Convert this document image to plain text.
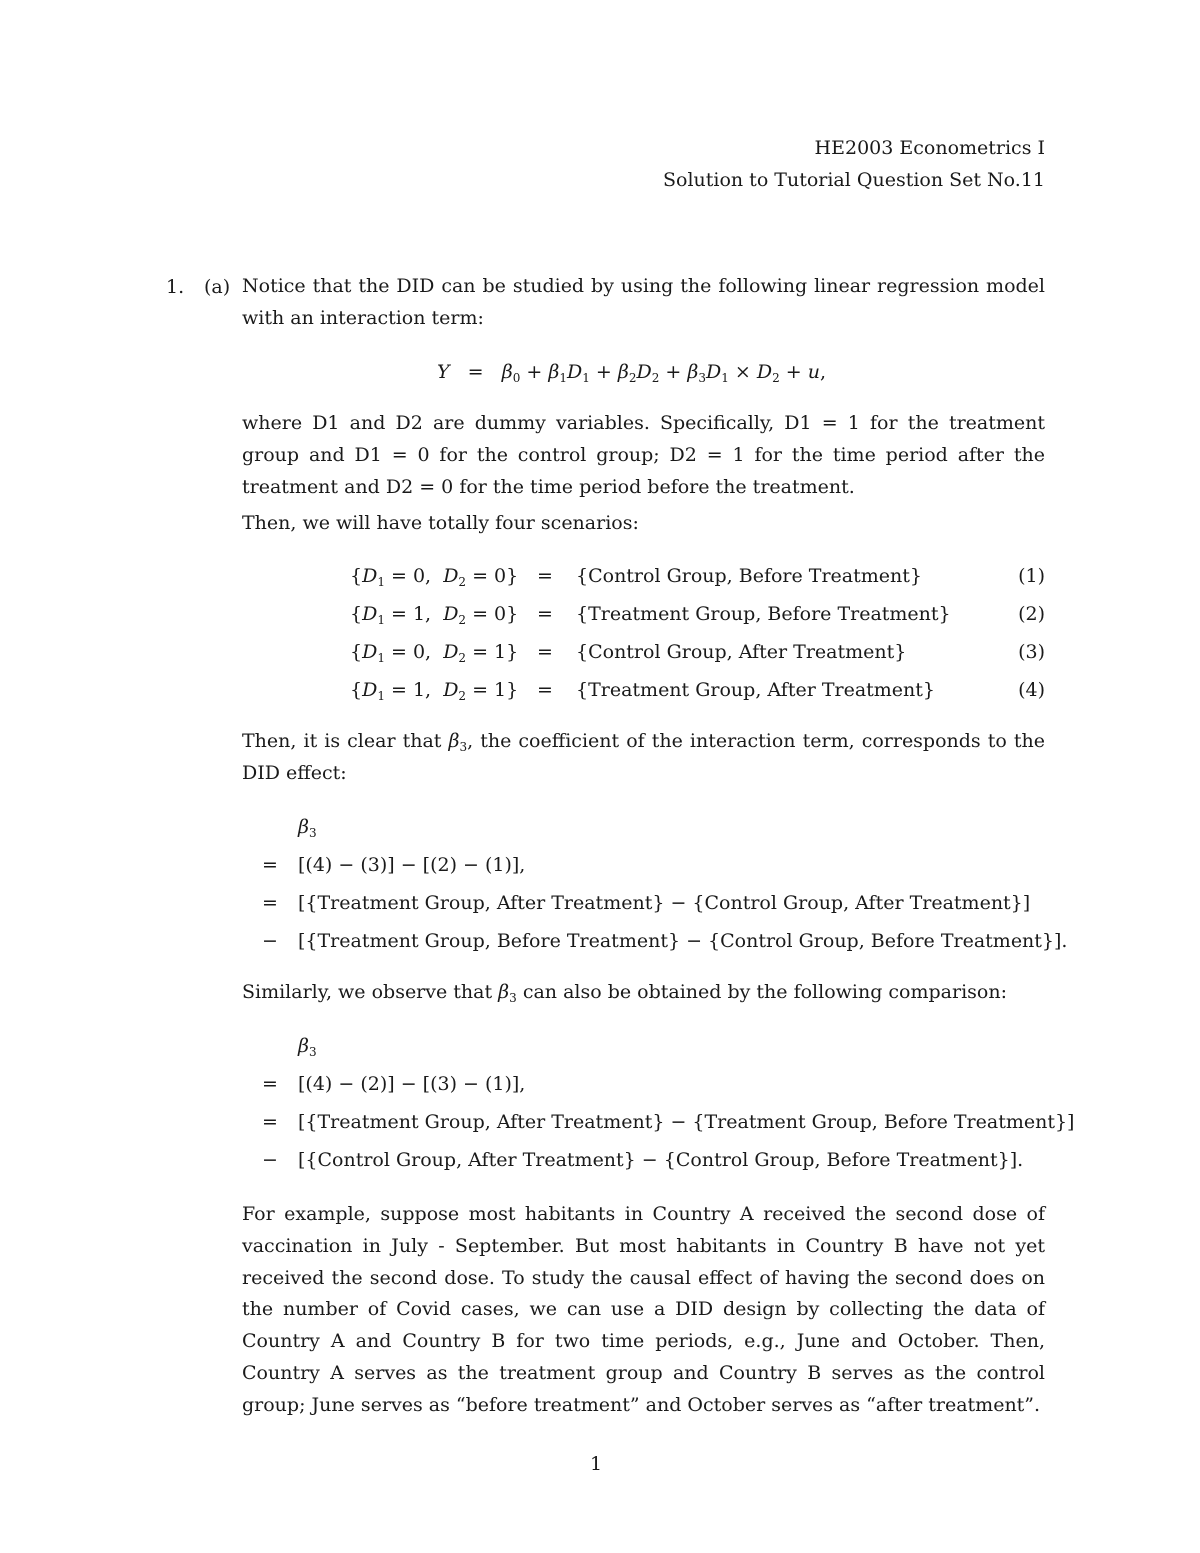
HE2003 Econometrics I
Solution to Tutorial Question Set No.11
1. (a) Notice that the DID can be studied by using the following linear regression model with an interaction term:
$Y = \beta_0 + \beta_1D_1 + \beta_2D_2 + \beta_3D_1 \times D_2 + u$,
where D1 and D2 are dummy variables. Specifically, D1 = 1 for the treatment group and D1 = 0 for the control group; D2 = 1 for the time period after the treatment and D2 = 0 for the time period before the treatment.
Then, we will have totally four scenarios:
{$D_1 = 0$,  $D_2 = 0$} = {Control Group, Before Treatment}	(1)
{$D_1 = 1$,  $D_2 = 0$} = {Treatment Group, Before Treatment}	(2)
{$D_1 = 0$,  $D_2 = 1$} = {Control Group, After Treatment}	(3)
{$D_1 = 1$,  $D_2 = 1$} = {Treatment Group, After Treatment}	(4)
Then, it is clear that $\beta_3$, the coefficient of the interaction term, corresponds to the DID effect:
$\beta_3$
= [(4) − (3)] − [(2) − (1)],
= [{Treatment Group, After Treatment} − {Control Group, After Treatment}]
− [{Treatment Group, Before Treatment} − {Control Group, Before Treatment}].
Similarly, we observe that $\beta_3$ can also be obtained by the following comparison:
$\beta_3$
= [(4) − (2)] − [(3) − (1)],
= [{Treatment Group, After Treatment} − {Treatment Group, Before Treatment}]
− [{Control Group, After Treatment} − {Control Group, Before Treatment}].
For example, suppose most habitants in Country A received the second dose of vaccination in July - September. But most habitants in Country B have not yet received the second dose. To study the causal effect of having the second does on the number of Covid cases, we can use a DID design by collecting the data of Country A and Country B for two time periods, e.g., June and October. Then, Country A serves as the treatment group and Country B serves as the control group; June serves as “before treatment” and October serves as “after treatment”.
1
